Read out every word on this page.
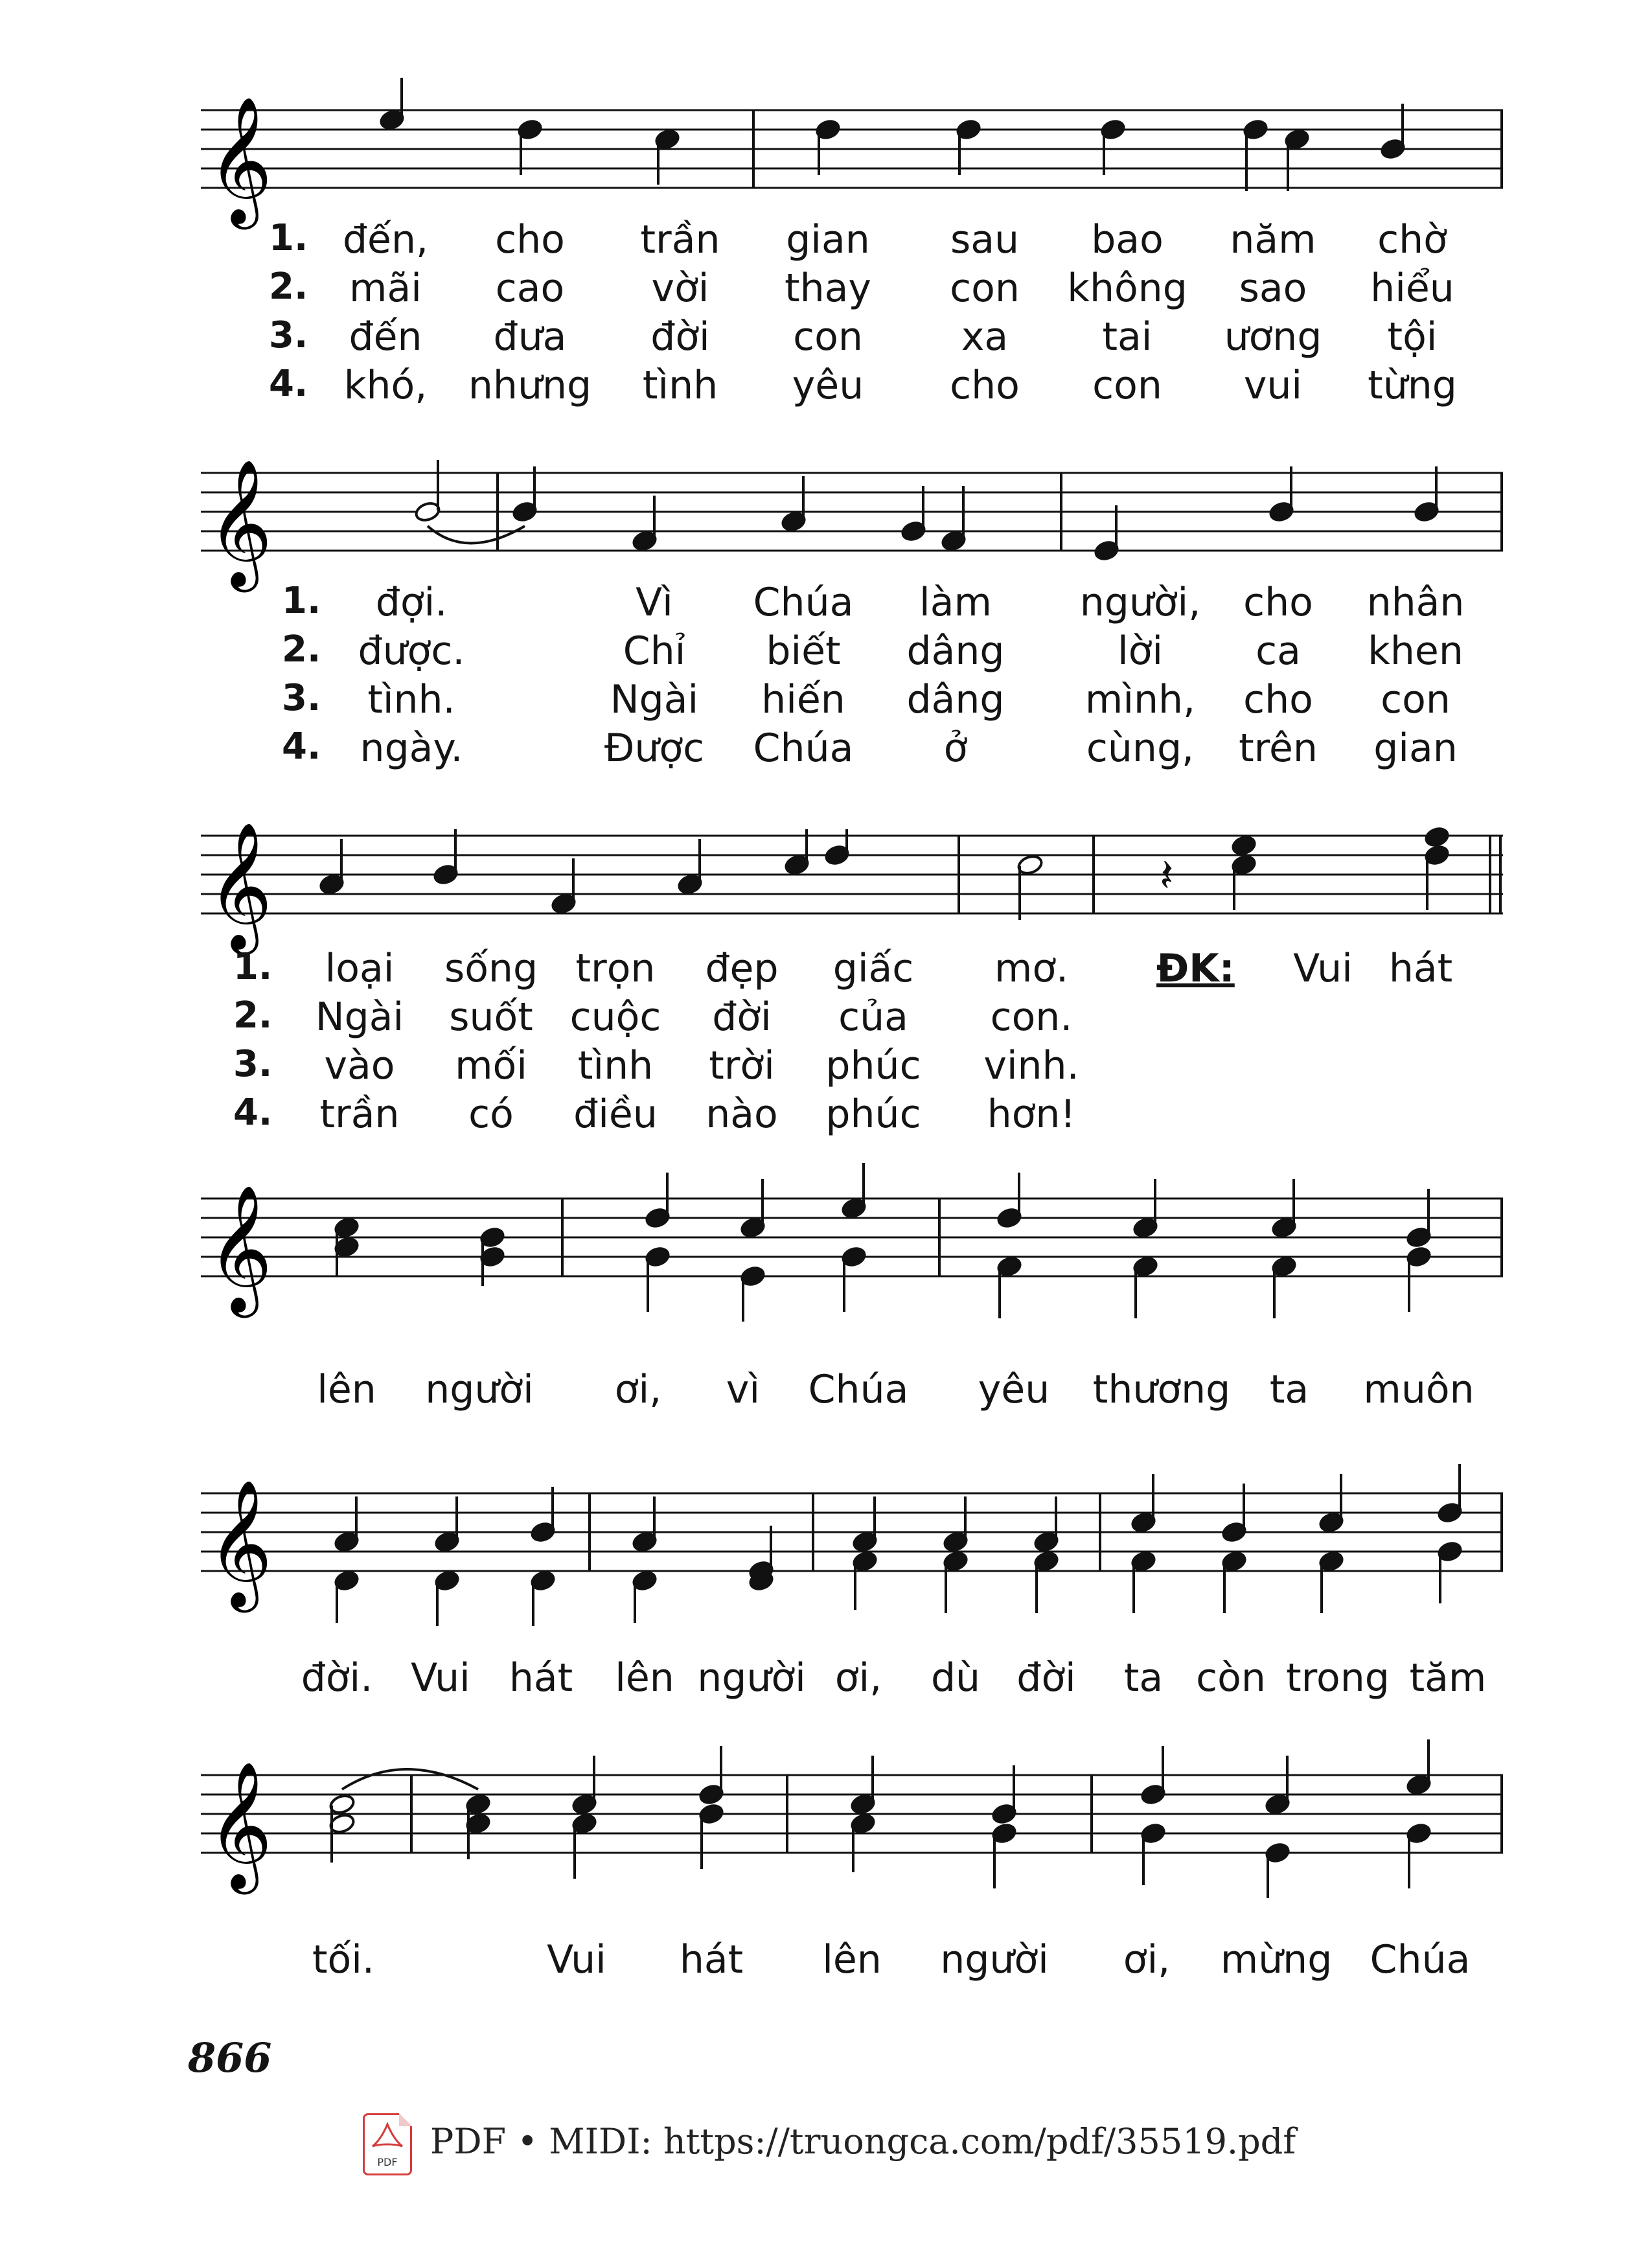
𝄞
1. đến, cho trần gian sau bao năm chờ
2. mãi cao vời thay con không sao hiểu
3. đến đưa đời con	xa tai ương tội
4. khó, nhưng tình yêu cho con vui từng
𝄞
1. đợi.	Vì Chúa làm người, cho nhân
2. được.	Chỉ biết dâng	lời ca khen
3. tình.	Ngài hiến dâng mình, cho con
4. ngày.	Được Chúa ở	cùng, trên gian
𝄞	𝄽
1. loại sống trọn đẹp giấc mơ. ĐK: Vui hát
2. Ngài suốt cuộc đời của con.
3. vào mối tình trời phúc vinh.
4. trần có điều nào phúc hơn!
𝄞
lên người ơi, vì Chúa yêu thương ta muôn
𝄞
đời. Vui hát lên người ơi, dù đời ta còn trong tăm
𝄞
tối.	Vui hát lên người ơi, mừng Chúa
866
PDF
PDF • MIDI: https://truongca.com/pdf/35519.pdf
